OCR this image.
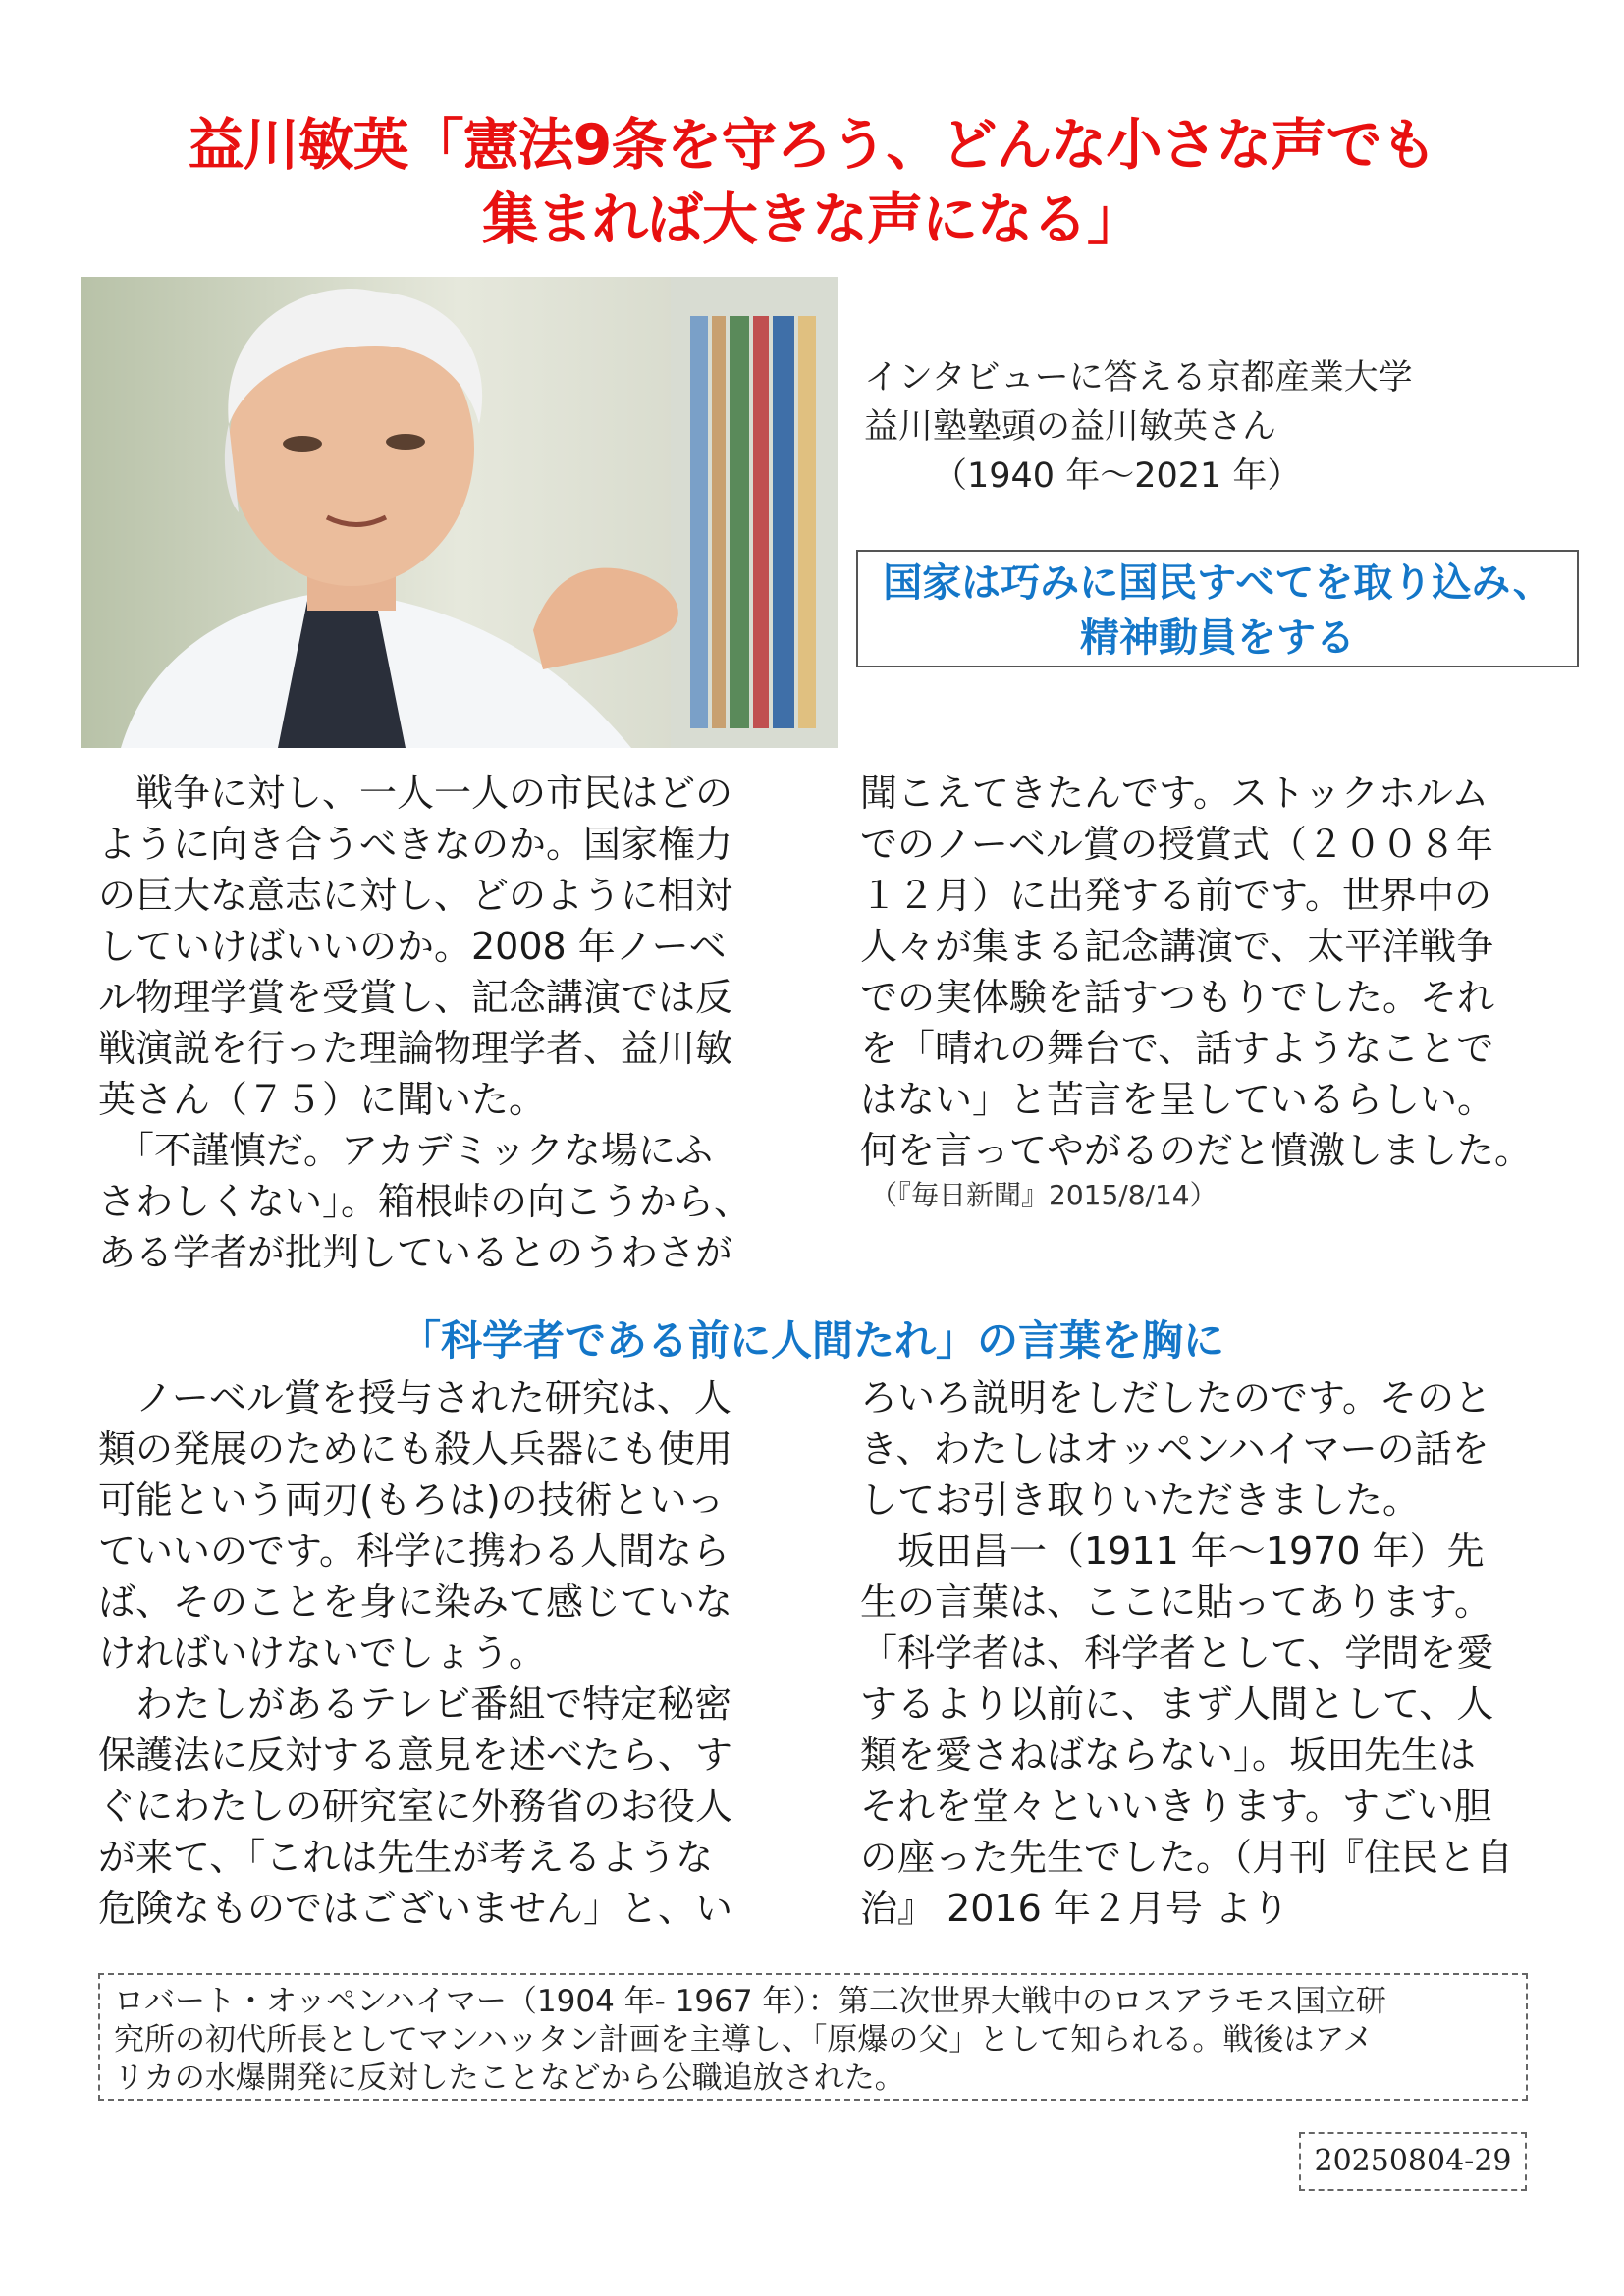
益川敏英「憲法9条を守ろう、どんな小さな声でも
集まれば大きな声になる」
インタビューに答える京都産業大学
益川塾塾頭の益川敏英さん
（1940 年～2021 年）
国家は巧みに国民すべてを取り込み、
精神動員をする
　戦争に対し、一人一人の市民はどの
ように向き合うべきなのか。国家権力
の巨大な意志に対し、どのように相対
していけばいいのか。2008 年ノーベ
ル物理学賞を受賞し、記念講演では反
戦演説を行った理論物理学者、益川敏
英さん（７５）に聞いた。
　「不謹慎だ。アカデミックな場にふ
さわしくない」。箱根峠の向こうから、
ある学者が批判しているとのうわさが
聞こえてきたんです。ストックホルム
でのノーベル賞の授賞式（２００８年
１２月）に出発する前です。世界中の
人々が集まる記念講演で、太平洋戦争
での実体験を話すつもりでした。それ
を「晴れの舞台で、話すようなことで
はない」と苦言を呈しているらしい。
何を言ってやがるのだと憤激しました。
（『毎日新聞』2015/8/14）
「科学者である前に人間たれ」の言葉を胸に
　ノーベル賞を授与された研究は、人
類の発展のためにも殺人兵器にも使用
可能という両刃(もろは)の技術といっ
ていいのです。科学に携わる人間なら
ば、そのことを身に染みて感じていな
ければいけないでしょう。
　わたしがあるテレビ番組で特定秘密
保護法に反対する意見を述べたら、す
ぐにわたしの研究室に外務省のお役人
が来て、「これは先生が考えるような
危険なものではございません」と、い
ろいろ説明をしだしたのです。そのと
き、わたしはオッペンハイマーの話を
してお引き取りいただきました。
　坂田昌一（1911 年～1970 年）先
生の言葉は、ここに貼ってあります。
「科学者は、科学者として、学問を愛
するより以前に、まず人間として、人
類を愛さねばならない」。坂田先生は
それを堂々といいきります。すごい胆
の座った先生でした。（月刊『住民と自
治』 2016 年２月号 より
ロバート・オッペンハイマー（1904 年- 1967 年）：第二次世界大戦中のロスアラモス国立研
究所の初代所長としてマンハッタン計画を主導し、「原爆の父」として知られる。戦後はアメ
リカの水爆開発に反対したことなどから公職追放された。
20250804-29
